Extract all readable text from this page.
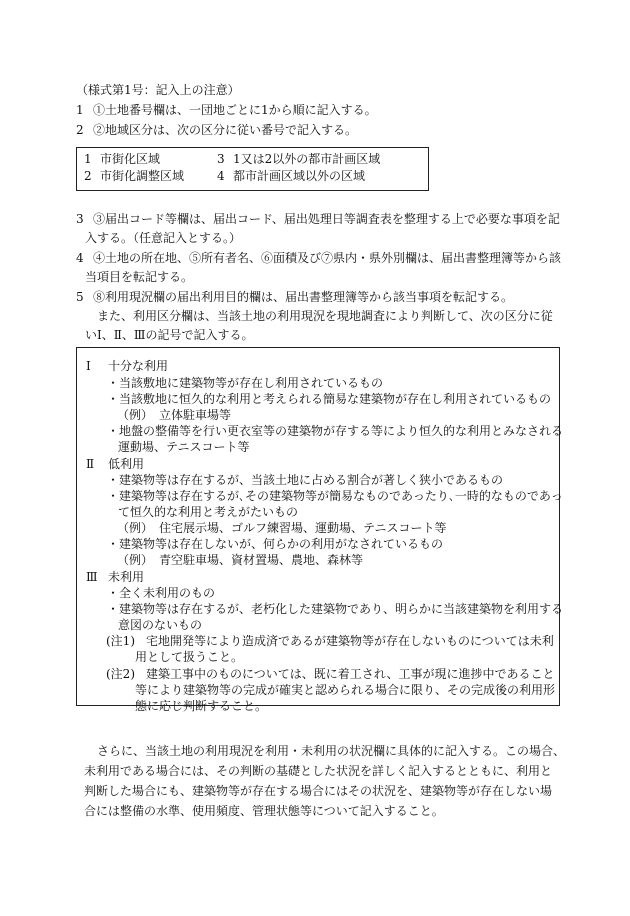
（様式第1号：記入上の注意）
1 ①土地番号欄は、一団地ごとに1から順に記入する。
2 ②地域区分は、次の区分に従い番号で記入する。
1 市街化区域	3 1又は2以外の都市計画区域
2 市街化調整区域	4 都市計画区域以外の区域
3 ③届出コード等欄は、届出コード、届出処理日等調査表を整理する上で必要な事項を記
入する。（任意記入とする。）
4 ④土地の所在地、⑤所有者名、⑥面積及び⑦県内・県外別欄は、届出書整理簿等から該
当項目を転記する。
5 ⑧利用現況欄の届出利用目的欄は、届出書整理簿等から該当事項を転記する。
また、利用区分欄は、当該土地の利用現況を現地調査により判断して、次の区分に従
いⅠ、Ⅱ、Ⅲの記号で記入する。
Ⅰ 十分な利用
・当該敷地に建築物等が存在し利用されているもの
・当該敷地に恒久的な利用と考えられる簡易な建築物が存在し利用されているもの
（例）　立体駐車場等
・地盤の整備等を行い更衣室等の建築物が存する等により恒久的な利用とみなされる
運動場、テニスコート等
Ⅱ 低利用
・建築物等は存在するが、当該土地に占める割合が著しく狭小であるもの
・建築物等は存在するが､その建築物等が簡易なものであったり､一時的なものであっ
て恒久的な利用と考えがたいもの
（例）　住宅展示場、ゴルフ練習場、運動場、テニスコート等
・建築物等は存在しないが、何らかの利用がなされているもの
（例）　青空駐車場、資材置場、農地、森林等
Ⅲ 未利用
・全く未利用のもの
・建築物等は存在するが、老朽化した建築物であり、明らかに当該建築物を利用する
意図のないもの
(注1) 宅地開発等により造成済であるが建築物等が存在しないものについては未利
用として扱うこと。
(注2) 建築工事中のものについては、既に着工され、工事が現に進捗中であること
等により建築物等の完成が確実と認められる場合に限り、その完成後の利用形
態に応じ判断すること。
さらに、当該土地の利用現況を利用・未利用の状況欄に具体的に記入する。この場合、
未利用である場合には、その判断の基礎とした状況を詳しく記入するとともに、利用と
判断した場合にも、建築物等が存在する場合にはその状況を、建築物等が存在しない場
合には整備の水準、使用頻度、管理状態等について記入すること。
